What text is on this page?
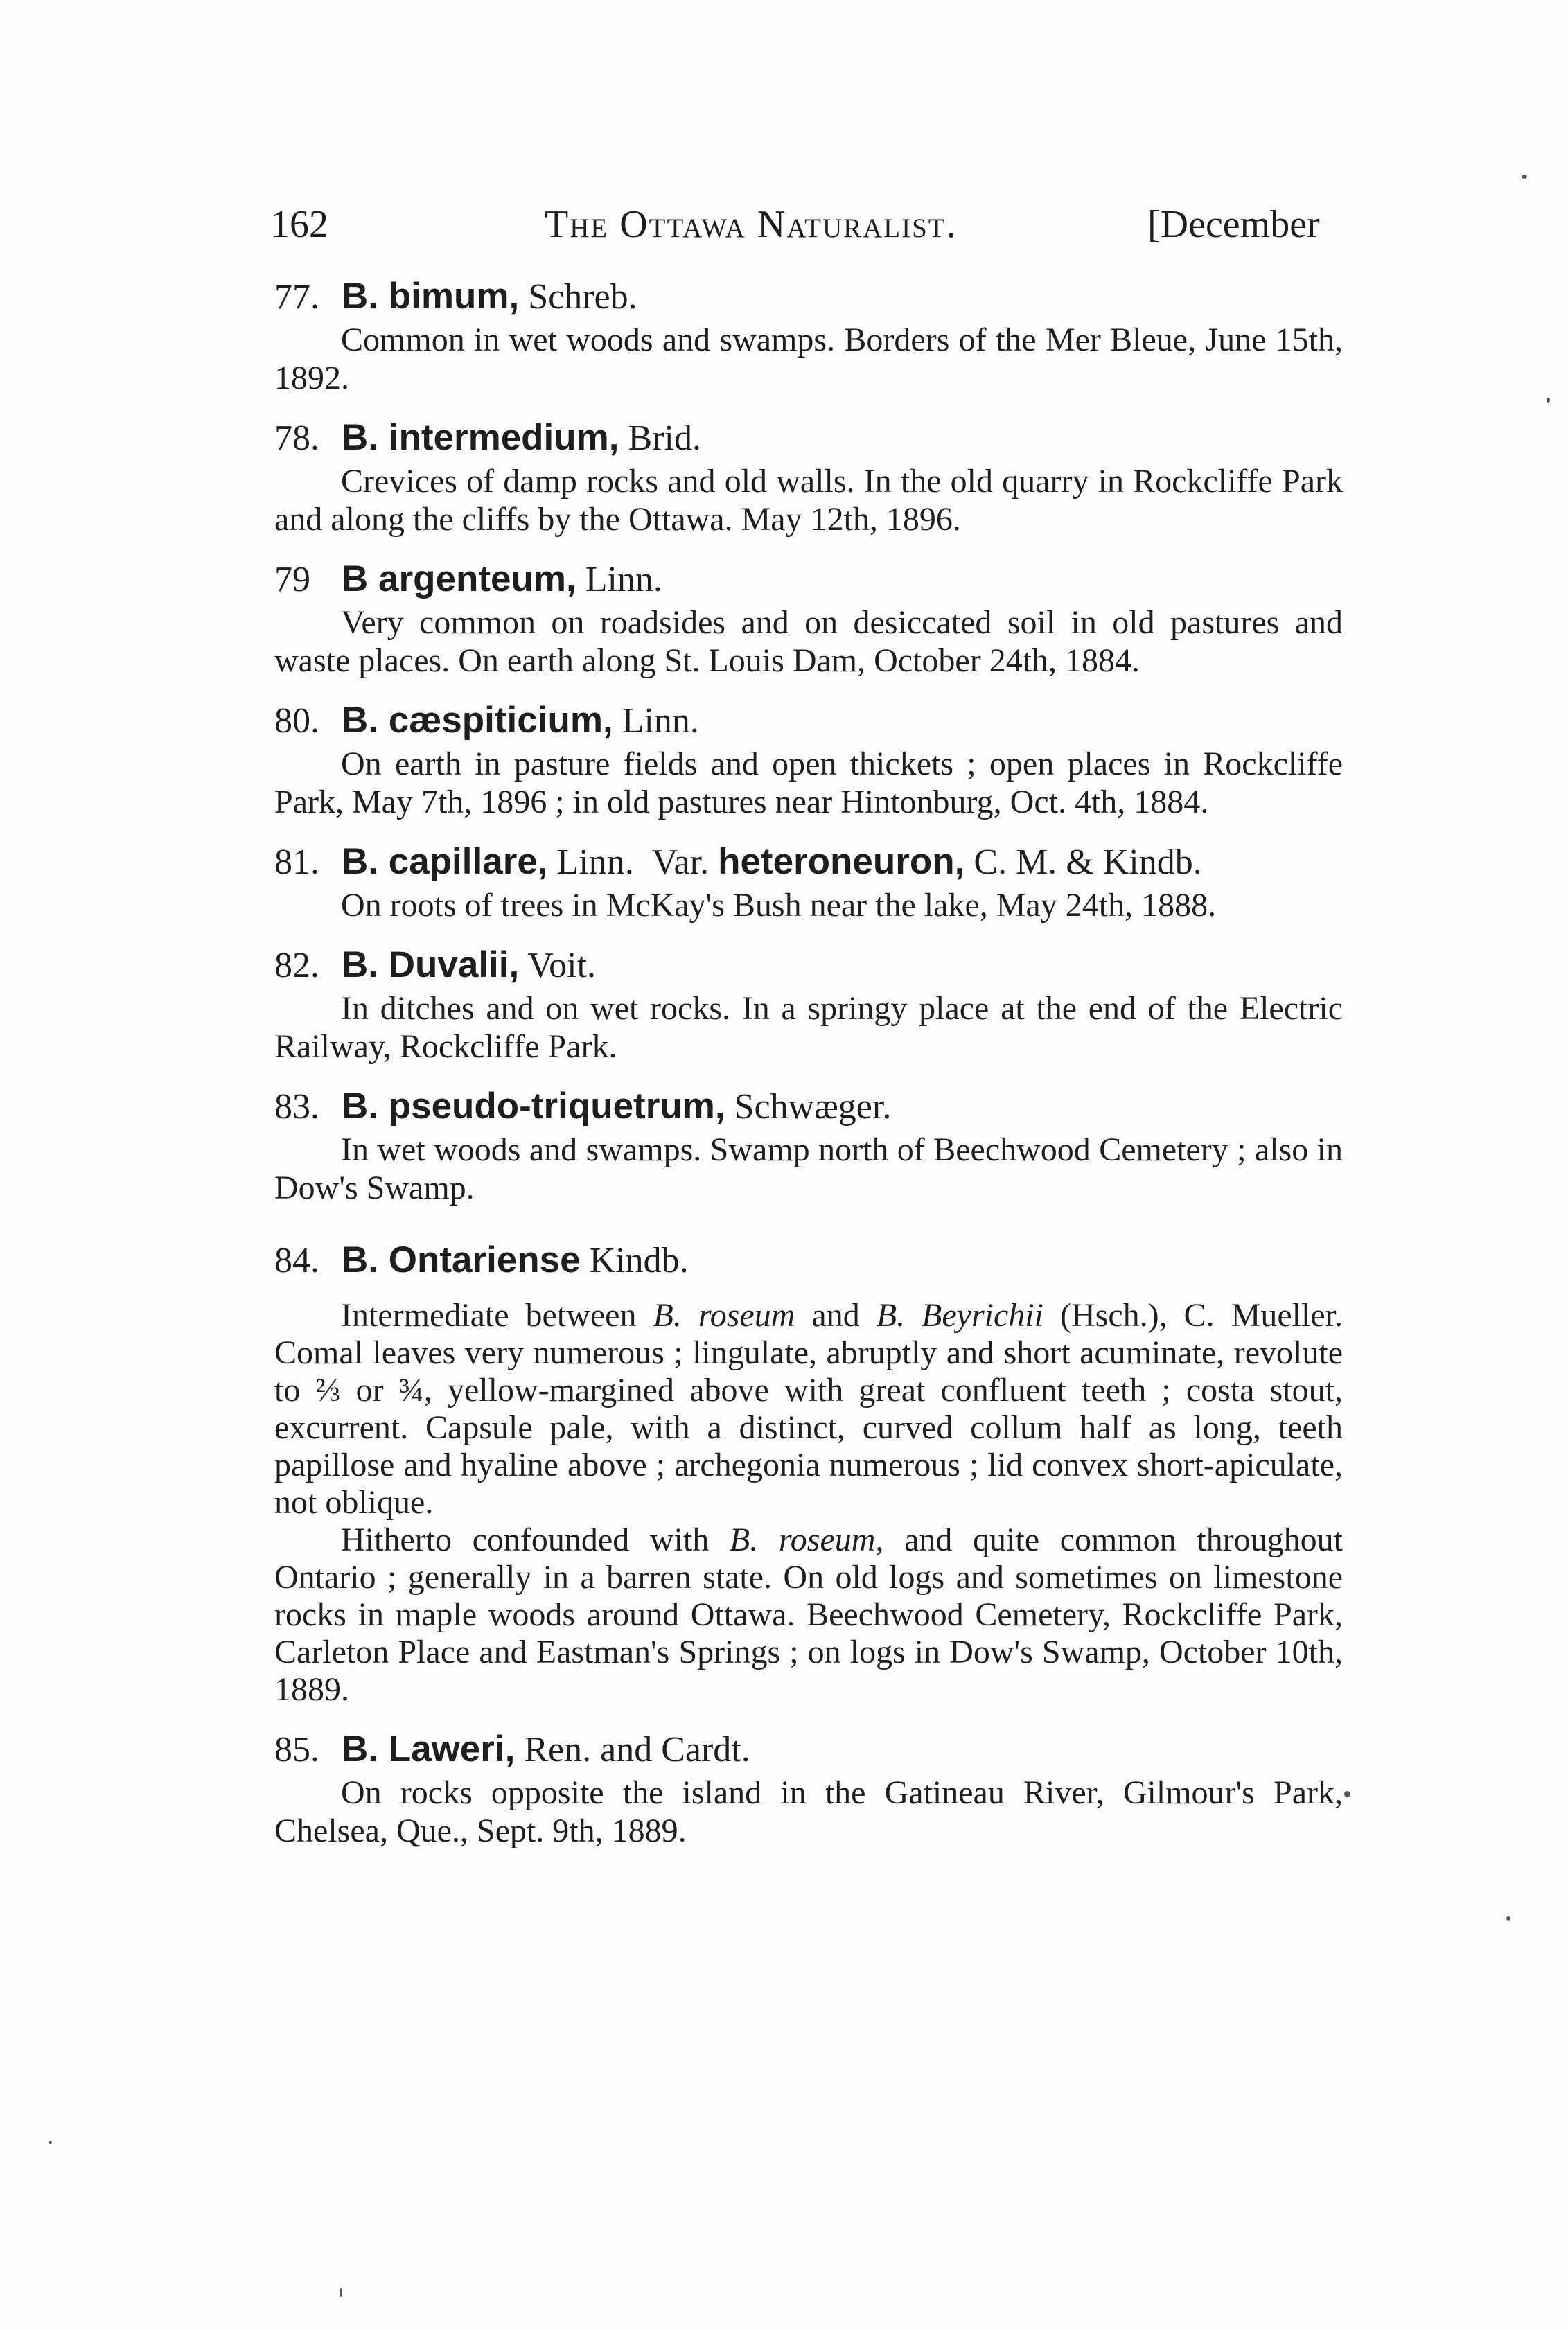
162	The Ottawa Naturalist.	[December
77. B. bimum, Schreb.

Common in wet woods and swamps. Borders of the Mer Bleue, June 15th, 1892.

78. B. intermedium, Brid.

Crevices of damp rocks and old walls. In the old quarry in Rockcliffe Park and along the cliffs by the Ottawa. May 12th, 1896.

79 B argenteum, Linn.

Very common on roadsides and on desiccated soil in old pastures and waste places. On earth along St. Louis Dam, October 24th, 1884.

80. B. cæspiticium, Linn.

On earth in pasture fields and open thickets ; open places in Rockcliffe Park, May 7th, 1896 ; in old pastures near Hintonburg, Oct. 4th, 1884.

81. B. capillare, Linn. Var. heteroneuron, C. M. & Kindb.

On roots of trees in McKay's Bush near the lake, May 24th, 1888.

82. B. Duvalii, Voit.

In ditches and on wet rocks. In a springy place at the end of the Electric Railway, Rockcliffe Park.

83. B. pseudo-triquetrum, Schwæger.

In wet woods and swamps. Swamp north of Beechwood Cemetery ; also in Dow's Swamp.

84. B. Ontariense Kindb.

Intermediate between B. roseum and B. Beyrichii (Hsch.), C. Mueller. Comal leaves very numerous ; lingulate, abruptly and short acuminate, revolute to ⅔ or ¾, yellow-margined above with great confluent teeth ; costa stout, excurrent. Capsule pale, with a distinct, curved collum half as long, teeth papillose and hyaline above ; archegonia numerous ; lid convex short-apiculate, not oblique.

Hitherto confounded with B. roseum, and quite common throughout Ontario ; generally in a barren state. On old logs and sometimes on limestone rocks in maple woods around Ottawa. Beechwood Cemetery, Rockcliffe Park, Carleton Place and Eastman's Springs ; on logs in Dow's Swamp, October 10th, 1889.

85. B. Laweri, Ren. and Cardt.

On rocks opposite the island in the Gatineau River, Gilmour's Park, Chelsea, Que., Sept. 9th, 1889.
